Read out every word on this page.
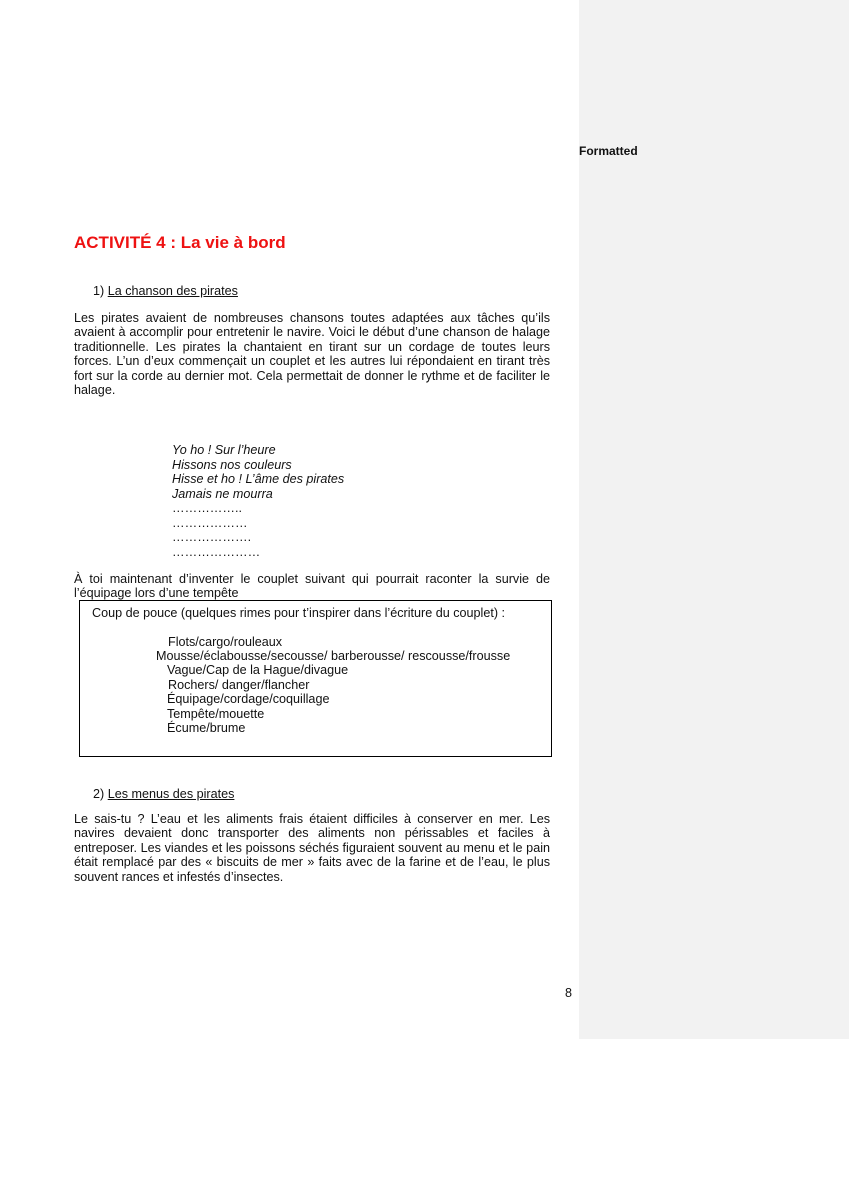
Formatted
ACTIVITÉ 4 : La vie à bord

1) La chanson des pirates

Les pirates avaient de nombreuses chansons toutes adaptées aux tâches qu’ils avaient à accomplir pour entretenir le navire. Voici le début d’une chanson de halage traditionnelle. Les pirates la chantaient en tirant sur un cordage de toutes leurs forces. L’un d’eux commençait un couplet et les autres lui répondaient en tirant très fort sur la corde au dernier mot. Cela permettait de donner le rythme et de faciliter le halage.

Yo ho ! Sur l’heure
Hissons nos couleurs
Hisse et ho ! L’âme des pirates
Jamais ne mourra
……………..
………………
……………….
…………………

À toi maintenant d’inventer le couplet suivant qui pourrait raconter la survie de l’équipage lors d’une tempête

Coup de pouce (quelques rimes pour t’inspirer dans l’écriture du couplet) :
Flots/cargo/rouleaux
Mousse/éclabousse/secousse/ barberousse/ rescousse/frousse
Vague/Cap de la Hague/divague
Rochers/ danger/flancher
Équipage/cordage/coquillage
Tempête/mouette
Écume/brume

2) Les menus des pirates

Le sais-tu ? L’eau et les aliments frais étaient difficiles à conserver en mer. Les navires devaient donc transporter des aliments non périssables et faciles à entreposer. Les viandes et les poissons séchés figuraient souvent au menu et le pain était remplacé par des « biscuits de mer » faits avec de la farine et de l’eau, le plus souvent rances et infestés d’insectes.

8
